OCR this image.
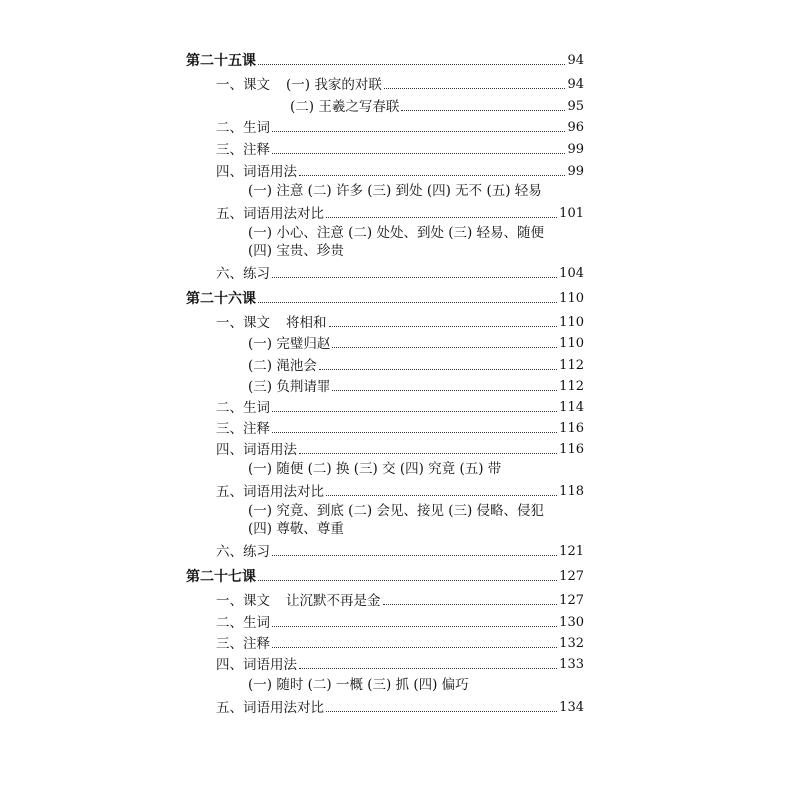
第二十五课	94
一、课文 (一) 我家的对联	94
(二) 王羲之写春联	95
二、生词	96
三、注释	99
四、词语用法	99
(一) 注意 (二) 许多 (三) 到处 (四) 无不 (五) 轻易
五、词语用法对比	101
(一) 小心、注意 (二) 处处、到处 (三) 轻易、随便
(四) 宝贵、珍贵
六、练习	104
第二十六课	110
一、课文 将相和	110
(一) 完璧归赵	110
(二) 渑池会	112
(三) 负荆请罪	112
二、生词	114
三、注释	116
四、词语用法	116
(一) 随便 (二) 换 (三) 交 (四) 究竟 (五) 带
五、词语用法对比	118
(一) 究竟、到底 (二) 会见、接见 (三) 侵略、侵犯
(四) 尊敬、尊重
六、练习	121
第二十七课	127
一、课文 让沉默不再是金	127
二、生词	130
三、注释	132
四、词语用法	133
(一) 随时 (二) 一概 (三) 抓 (四) 偏巧
五、词语用法对比	134
